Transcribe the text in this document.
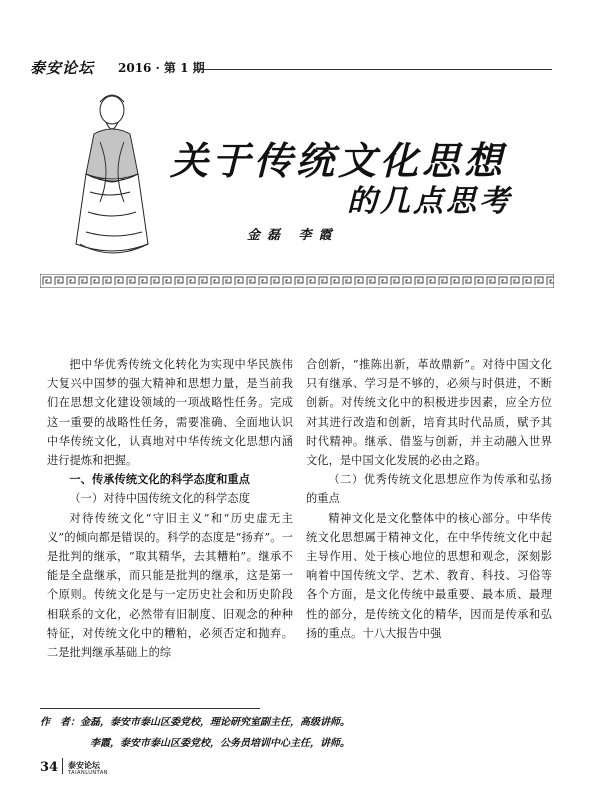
泰安论坛 2016 · 第 1 期
关于传统文化思想
的几点思考
金磊 李霞

把中华优秀传统文化转化为实现中华民族伟大复兴中国梦的强大精神和思想力量，是当前我们在思想文化建设领域的一项战略性任务。完成这一重要的战略性任务，需要准确、全面地认识中华传统文化，认真地对中华传统文化思想内涵进行提炼和把握。

一、传承传统文化的科学态度和重点

（一）对待中国传统文化的科学态度

对待传统文化“守旧主义”和“历史虚无主义”的倾向都是错误的。科学的态度是“扬弃”。一是批判的继承，“取其精华，去其糟粕”。继承不能是全盘继承，而只能是批判的继承，这是第一个原则。传统文化是与一定历史社会和历史阶段相联系的文化，必然带有旧制度、旧观念的种种特征，对传统文化中的糟粕，必须否定和抛弃。二是批判继承基础上的综

合创新，“推陈出新，革故鼎新”。对待中国文化只有继承、学习是不够的，必须与时俱进，不断创新。对传统文化中的积极进步因素，应全方位对其进行改造和创新，培育其时代品质，赋予其时代精神。继承、借鉴与创新，并主动融入世界文化，是中国文化发展的必由之路。

（二）优秀传统文化思想应作为传承和弘扬的重点

精神文化是文化整体中的核心部分。中华传统文化思想属于精神文化，在中华传统文化中起主导作用、处于核心地位的思想和观念，深刻影响着中国传统文学、艺术、教育、科技、习俗等各个方面，是文化传统中最重要、最本质、最理性的部分，是传统文化的精华，因而是传承和弘扬的重点。十八大报告中强

作　者：金磊，泰安市泰山区委党校，理论研究室副主任，高级讲师。
李霞，泰安市泰山区委党校，公务员培训中心主任，讲师。
34 泰安论坛
TAIANLUNTAN
